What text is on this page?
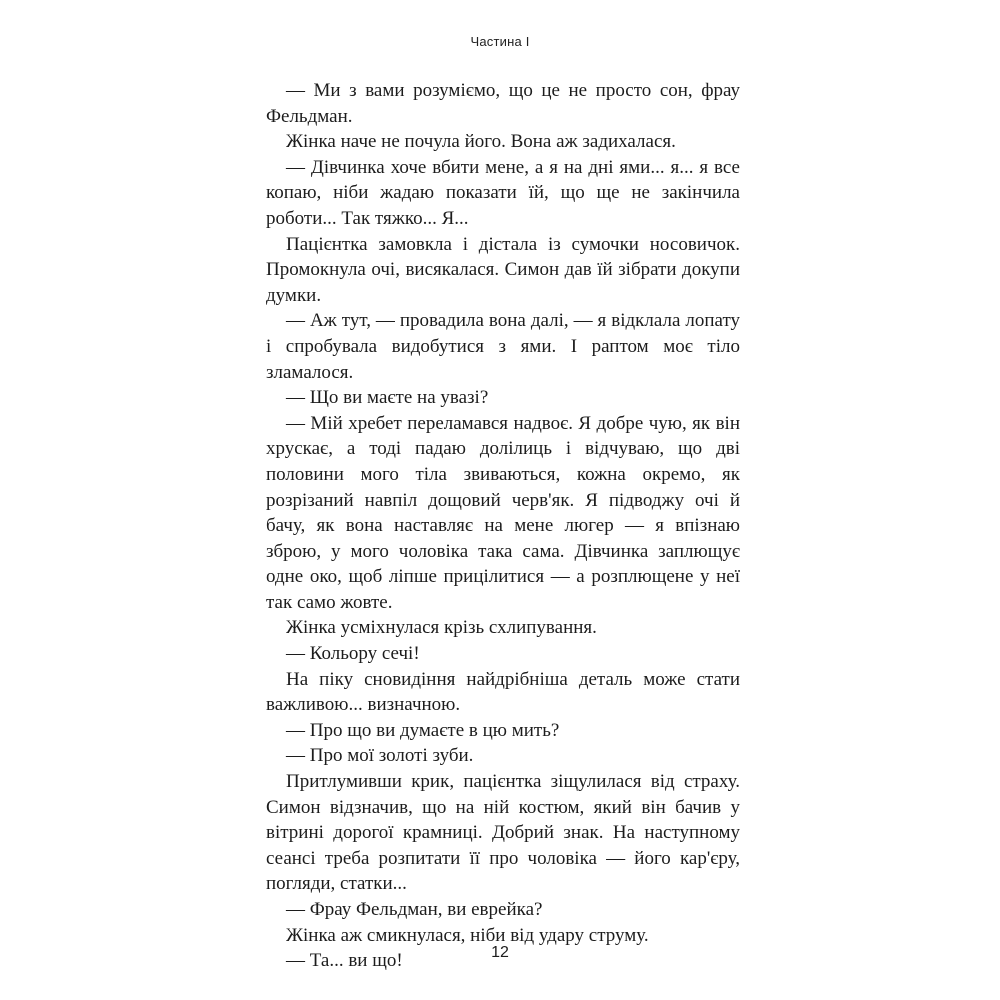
Частина I

— Ми з вами розуміємо, що це не просто сон, фрау Фельдман.

Жінка наче не почула його. Вона аж задихалася.

— Дівчинка хоче вбити мене, а я на дні ями... я... я все копаю, ніби жадаю показати їй, що ще не закінчила роботи... Так тяжко... Я...

Пацієнтка замовкла і дістала із сумочки носовичок. Промокнула очі, висякалася. Симон дав їй зібрати докупи думки.

— Аж тут, — провадила вона далі, — я відклала лопату і спробувала видобутися з ями. І раптом моє тіло зламалося.

— Що ви маєте на увазі?

— Мій хребет переламався надвоє. Я добре чую, як він хрускає, а тоді падаю долілиць і відчуваю, що дві половини мого тіла звиваються, кожна окремо, як розрізаний навпіл дощовий черв'як. Я підводжу очі й бачу, як вона наставляє на мене люгер — я впізнаю зброю, у мого чоловіка така сама. Дівчинка заплющує одне око, щоб ліпше прицілитися — а розплющене у неї так само жовте.

Жінка усміхнулася крізь схлипування.

— Кольору сечі!

На піку сновидіння найдрібніша деталь може стати важливою... визначною.

— Про що ви думаєте в цю мить?

— Про мої золоті зуби.

Притлумивши крик, пацієнтка зіщулилася від страху. Симон відзначив, що на ній костюм, який він бачив у вітрині дорогої крамниці. Добрий знак. На наступному сеансі треба розпитати її про чоловіка — його кар'єру, погляди, статки...

— Фрау Фельдман, ви еврейка?

Жінка аж смикнулася, ніби від удару струму.

— Та... ви що!	12
